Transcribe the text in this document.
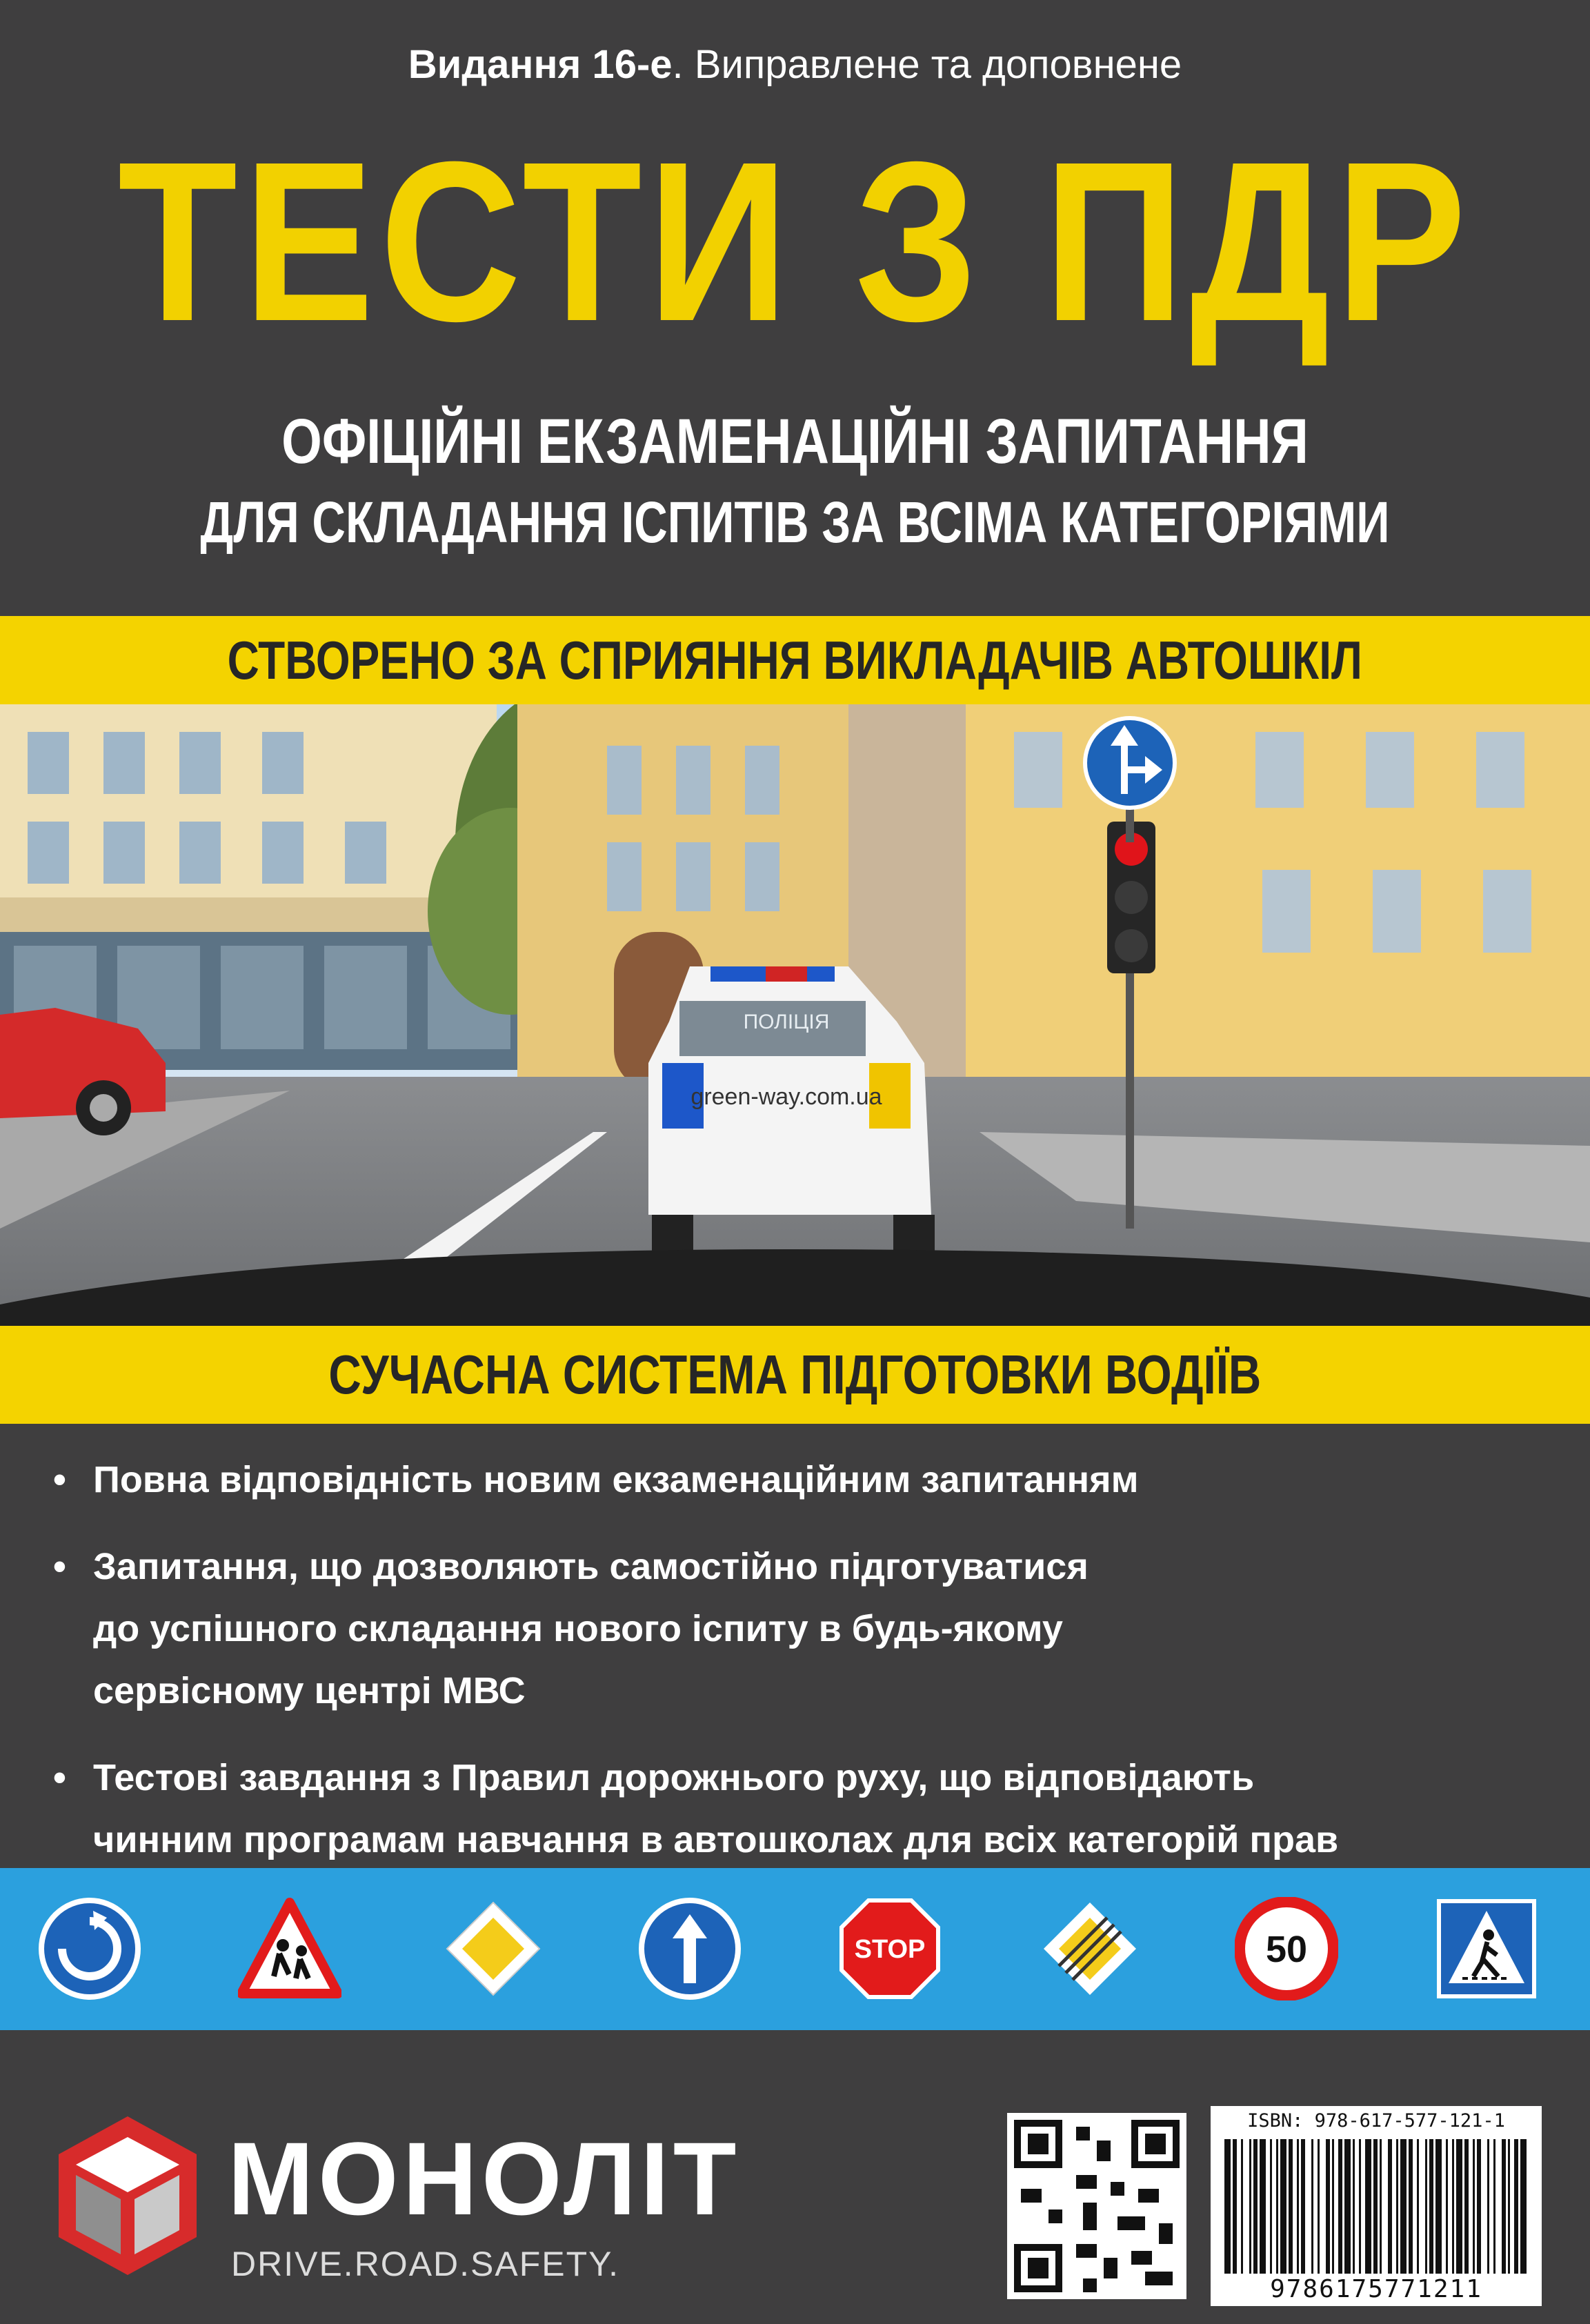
Видання 16-е. Виправлене та доповнене
ТЕСТИ З ПДР
ОФІЦІЙНІ ЕКЗАМЕНАЦІЙНІ ЗАПИТАННЯ
ДЛЯ СКЛАДАННЯ ІСПИТІВ ЗА ВСІМА КАТЕГОРІЯМИ
СТВОРЕНО ЗА СПРИЯННЯ ВИКЛАДАЧІВ АВТОШКІЛ
ПОЛІЦІЯ
green-way.com.ua
СУЧАСНА СИСТЕМА ПІДГОТОВКИ ВОДІЇВ
• Повна відповідність новим екзаменаційним запитанням
• Запитання, що дозволяють самостійно підготуватися
до успішного складання нового іспиту в будь-якому
сервісному центрі МВС
• Тестові завдання з Правил дорожнього руху, що відповідають
чинним програмам навчання в автошколах для всіх категорій прав
STOP	50
МОНОЛІТ
DRIVE.ROAD.SAFETY.
ISBN: 978-617-577-121-1
9786175771211
